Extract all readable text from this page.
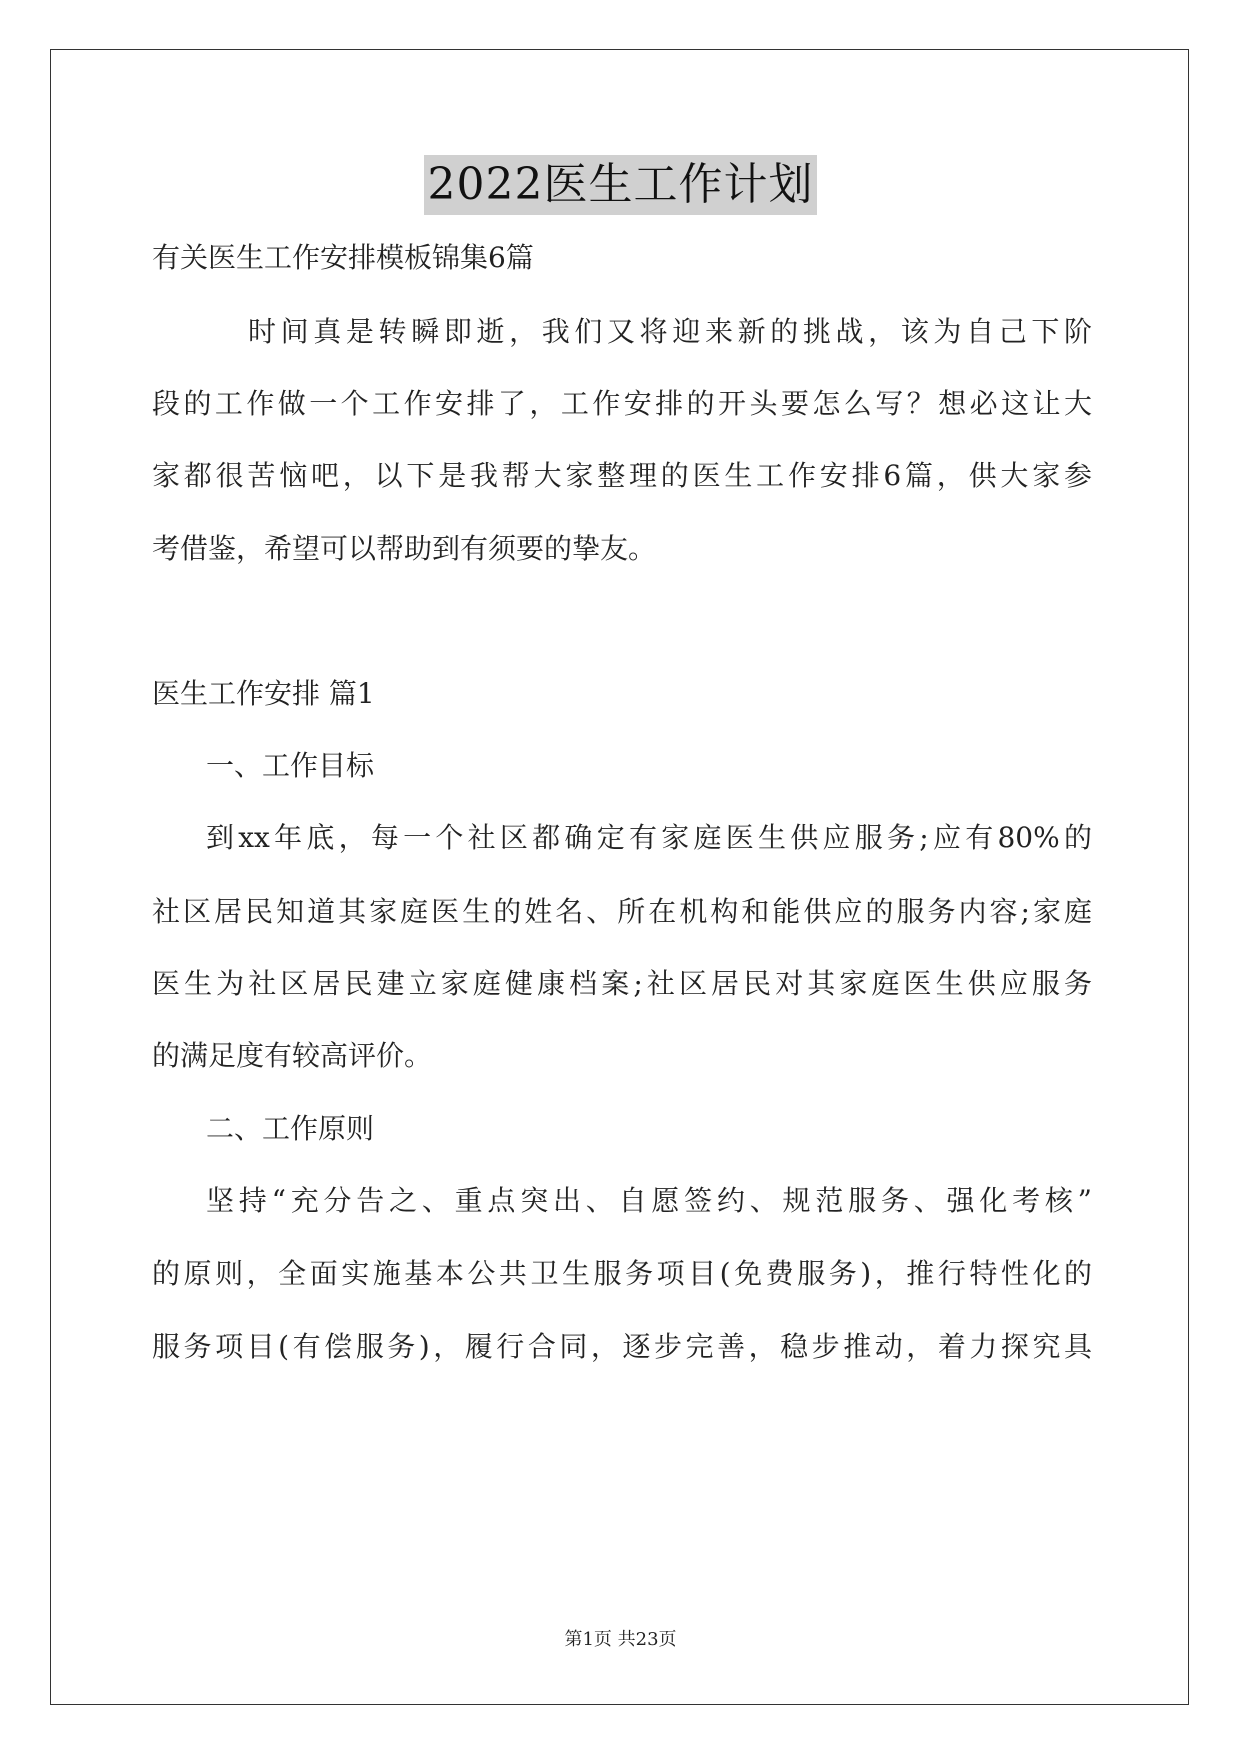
2022医生工作计划
有关医生工作安排模板锦集6篇
时间真是转瞬即逝，我们又将迎来新的挑战，该为自己下阶
段的工作做一个工作安排了，工作安排的开头要怎么写？想必这让大
家都很苦恼吧，以下是我帮大家整理的医生工作安排6篇，供大家参
考借鉴，希望可以帮助到有须要的挚友。
医生工作安排 篇1
一、工作目标
到xx年底，每一个社区都确定有家庭医生供应服务;应有80%的
社区居民知道其家庭医生的姓名、所在机构和能供应的服务内容;家庭
医生为社区居民建立家庭健康档案;社区居民对其家庭医生供应服务
的满足度有较高评价。
二、工作原则
坚持“充分告之、重点突出、自愿签约、规范服务、强化考核”
的原则，全面实施基本公共卫生服务项目(免费服务)，推行特性化的
服务项目(有偿服务)，履行合同，逐步完善，稳步推动，着力探究具
第1页 共23页
